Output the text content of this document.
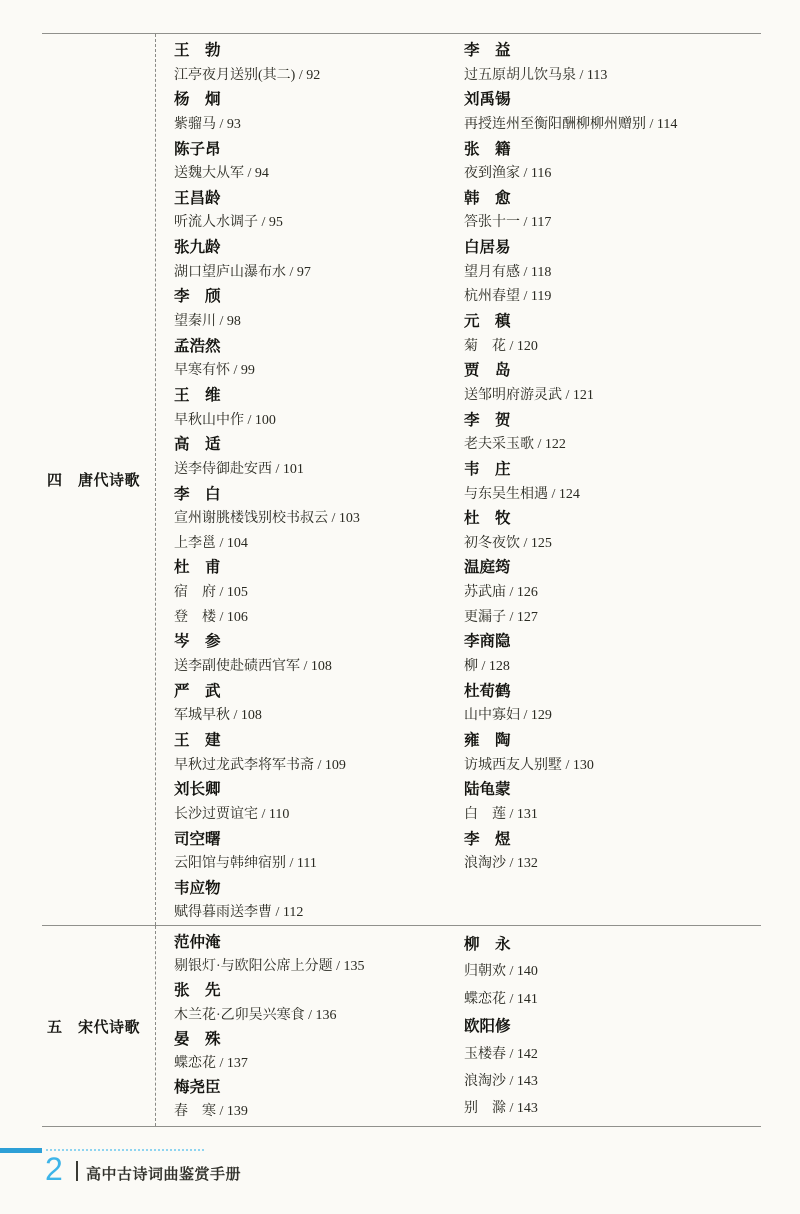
四　唐代诗歌
王　勃
江亭夜月送别(其二) / 92
杨　炯
紫骝马 / 93
陈子昂
送魏大从军 / 94
王昌龄
听流人水调子 / 95
张九龄
湖口望庐山瀑布水 / 97
李　颀
望秦川 / 98
孟浩然
早寒有怀 / 99
王　维
早秋山中作 / 100
高　适
送李侍御赴安西 / 101
李　白
宣州谢朓楼饯别校书叔云 / 103
上李邕 / 104
杜　甫
宿　府 / 105
登　楼 / 106
岑　参
送李副使赴碛西官军 / 108
严　武
军城早秋 / 108
王　建
早秋过龙武李将军书斋 / 109
刘长卿
长沙过贾谊宅 / 110
司空曙
云阳馆与韩绅宿别 / 111
韦应物
赋得暮雨送李曹 / 112
李　益
过五原胡儿饮马泉 / 113
刘禹锡
再授连州至衡阳酬柳柳州赠别 / 114
张　籍
夜到渔家 / 116
韩　愈
答张十一 / 117
白居易
望月有感 / 118
杭州春望 / 119
元　稹
菊　花 / 120
贾　岛
送邹明府游灵武 / 121
李　贺
老夫采玉歌 / 122
韦　庄
与东吴生相遇 / 124
杜　牧
初冬夜饮 / 125
温庭筠
苏武庙 / 126
更漏子 / 127
李商隐
柳 / 128
杜荀鹤
山中寡妇 / 129
雍　陶
访城西友人别墅 / 130
陆龟蒙
白　莲 / 131
李　煜
浪淘沙 / 132
五　宋代诗歌
范仲淹
剔银灯·与欧阳公席上分题 / 135
张　先
木兰花·乙卯吴兴寒食 / 136
晏　殊
蝶恋花 / 137
梅尧臣
春　寒 / 139
柳　永
归朝欢 / 140
蝶恋花 / 141
欧阳修
玉楼春 / 142
浪淘沙 / 143
别　滁 / 143
2 高中古诗词曲鉴赏手册
